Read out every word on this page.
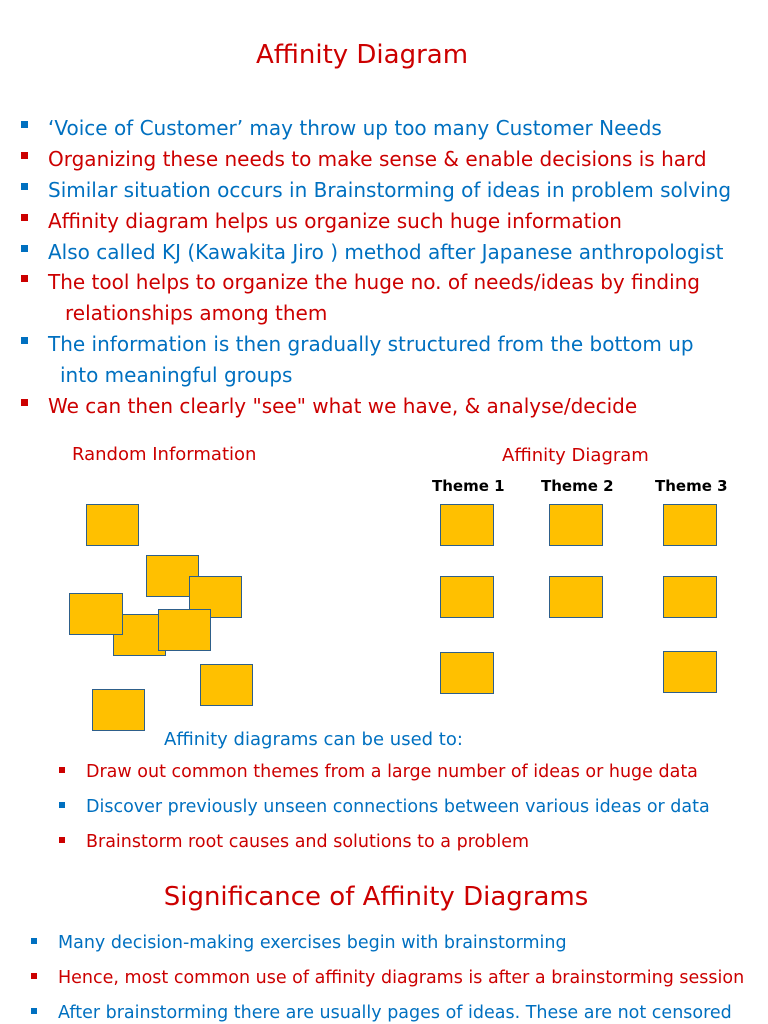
Affinity Diagram
‘Voice of Customer’ may throw up too many Customer Needs
Organizing these needs to make sense & enable decisions is hard
Similar situation occurs in Brainstorming of ideas in problem solving
Affinity diagram helps us organize such huge information
Also called KJ (Kawakita Jiro ) method after Japanese anthropologist
The tool helps to organize the huge no. of needs/ideas by finding
relationships among them
The information is then gradually structured from the bottom up
into meaningful groups
We can then clearly "see" what we have, & analyse/decide
Random Information	Affinity Diagram
Theme 1 Theme 2	Theme 3
Affinity diagrams can be used to:
Draw out common themes from a large number of ideas or huge data
Discover previously unseen connections between various ideas or data
Brainstorm root causes and solutions to a problem
Significance of Affinity Diagrams
Many decision-making exercises begin with brainstorming
Hence, most common use of affinity diagrams is after a brainstorming session
After brainstorming there are usually pages of ideas. These are not censored
